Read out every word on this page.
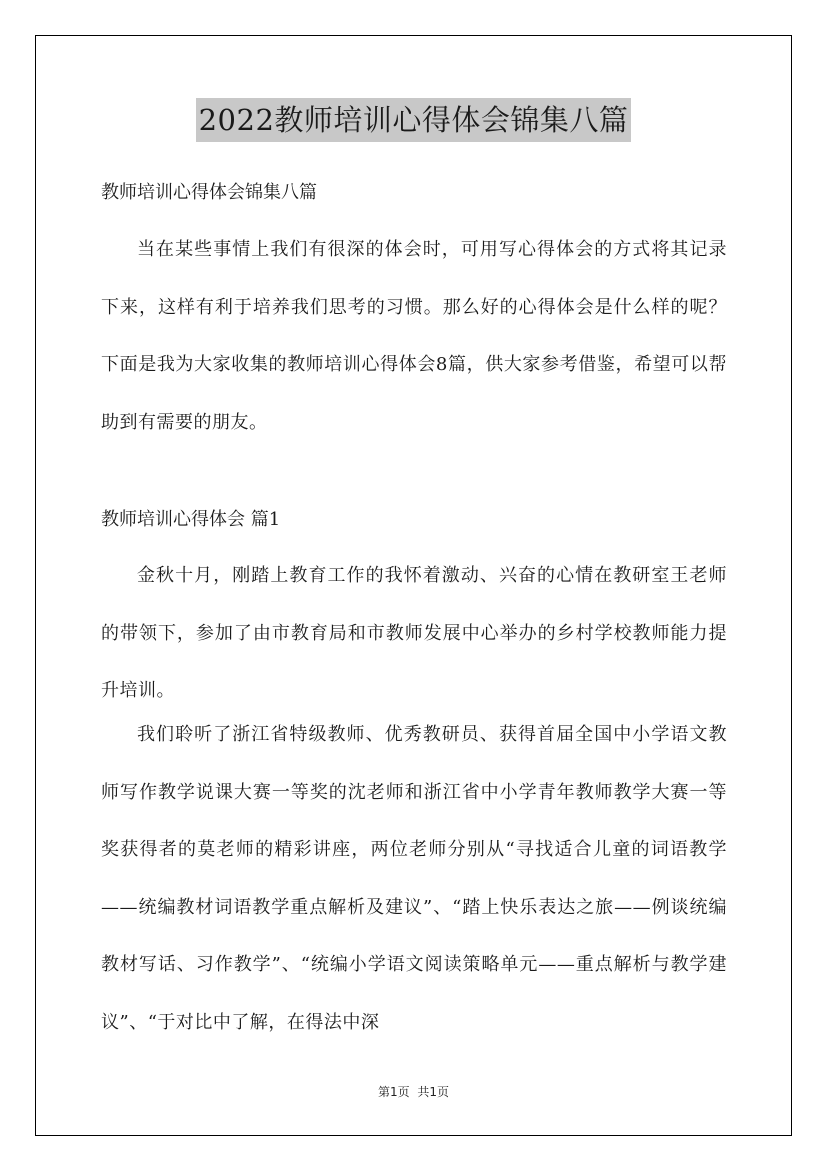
2022教师培训心得体会锦集八篇
教师培训心得体会锦集八篇
当在某些事情上我们有很深的体会时，可用写心得体会的方式将其记录下来，这样有利于培养我们思考的习惯。那么好的心得体会是什么样的呢？下面是我为大家收集的教师培训心得体会8篇，供大家参考借鉴，希望可以帮助到有需要的朋友。
教师培训心得体会 篇1
金秋十月，刚踏上教育工作的我怀着激动、兴奋的心情在教研室王老师的带领下，参加了由市教育局和市教师发展中心举办的乡村学校教师能力提升培训。
我们聆听了浙江省特级教师、优秀教研员、获得首届全国中小学语文教师写作教学说课大赛一等奖的沈老师和浙江省中小学青年教师教学大赛一等奖获得者的莫老师的精彩讲座，两位老师分别从“寻找适合儿童的词语教学——统编教材词语教学重点解析及建议”、“踏上快乐表达之旅——例谈统编教材写话、习作教学”、“统编小学语文阅读策略单元——重点解析与教学建议”、“于对比中了解，在得法中深
第1页 共1页
